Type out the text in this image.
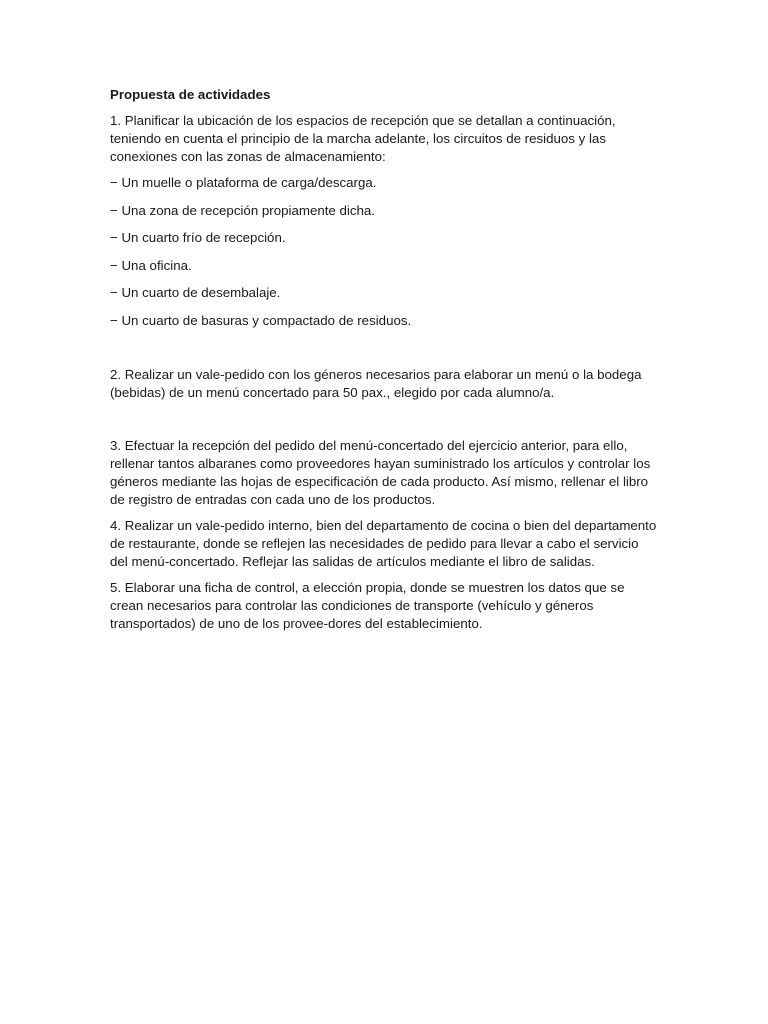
Propuesta de actividades

1. Planificar la ubicación de los espacios de recepción que se detallan a continuación, teniendo en cuenta el principio de la marcha adelante, los circuitos de residuos y las conexiones con las zonas de almacenamiento:

− Un muelle o plataforma de carga/descarga.

− Una zona de recepción propiamente dicha.

− Un cuarto frío de recepción.

− Una oficina.

− Un cuarto de desembalaje.

− Un cuarto de basuras y compactado de residuos.

2. Realizar un vale-pedido con los géneros necesarios para elaborar un menú o la bodega (bebidas) de un menú concertado para 50 pax., elegido por cada alumno/a.

3. Efectuar la recepción del pedido del menú-concertado del ejercicio anterior, para ello, rellenar tantos albaranes como proveedores hayan suministrado los artículos y controlar los géneros mediante las hojas de especificación de cada producto. Así mismo, rellenar el libro de registro de entradas con cada uno de los productos.

4. Realizar un vale-pedido interno, bien del departamento de cocina o bien del departamento de restaurante, donde se reflejen las necesidades de pedido para llevar a cabo el servicio del menú-concertado. Reflejar las salidas de artículos mediante el libro de salidas.

5. Elaborar una ficha de control, a elección propia, donde se muestren los datos que se crean necesarios para controlar las condiciones de transporte (vehículo y géneros transportados) de uno de los provee-dores del establecimiento.
